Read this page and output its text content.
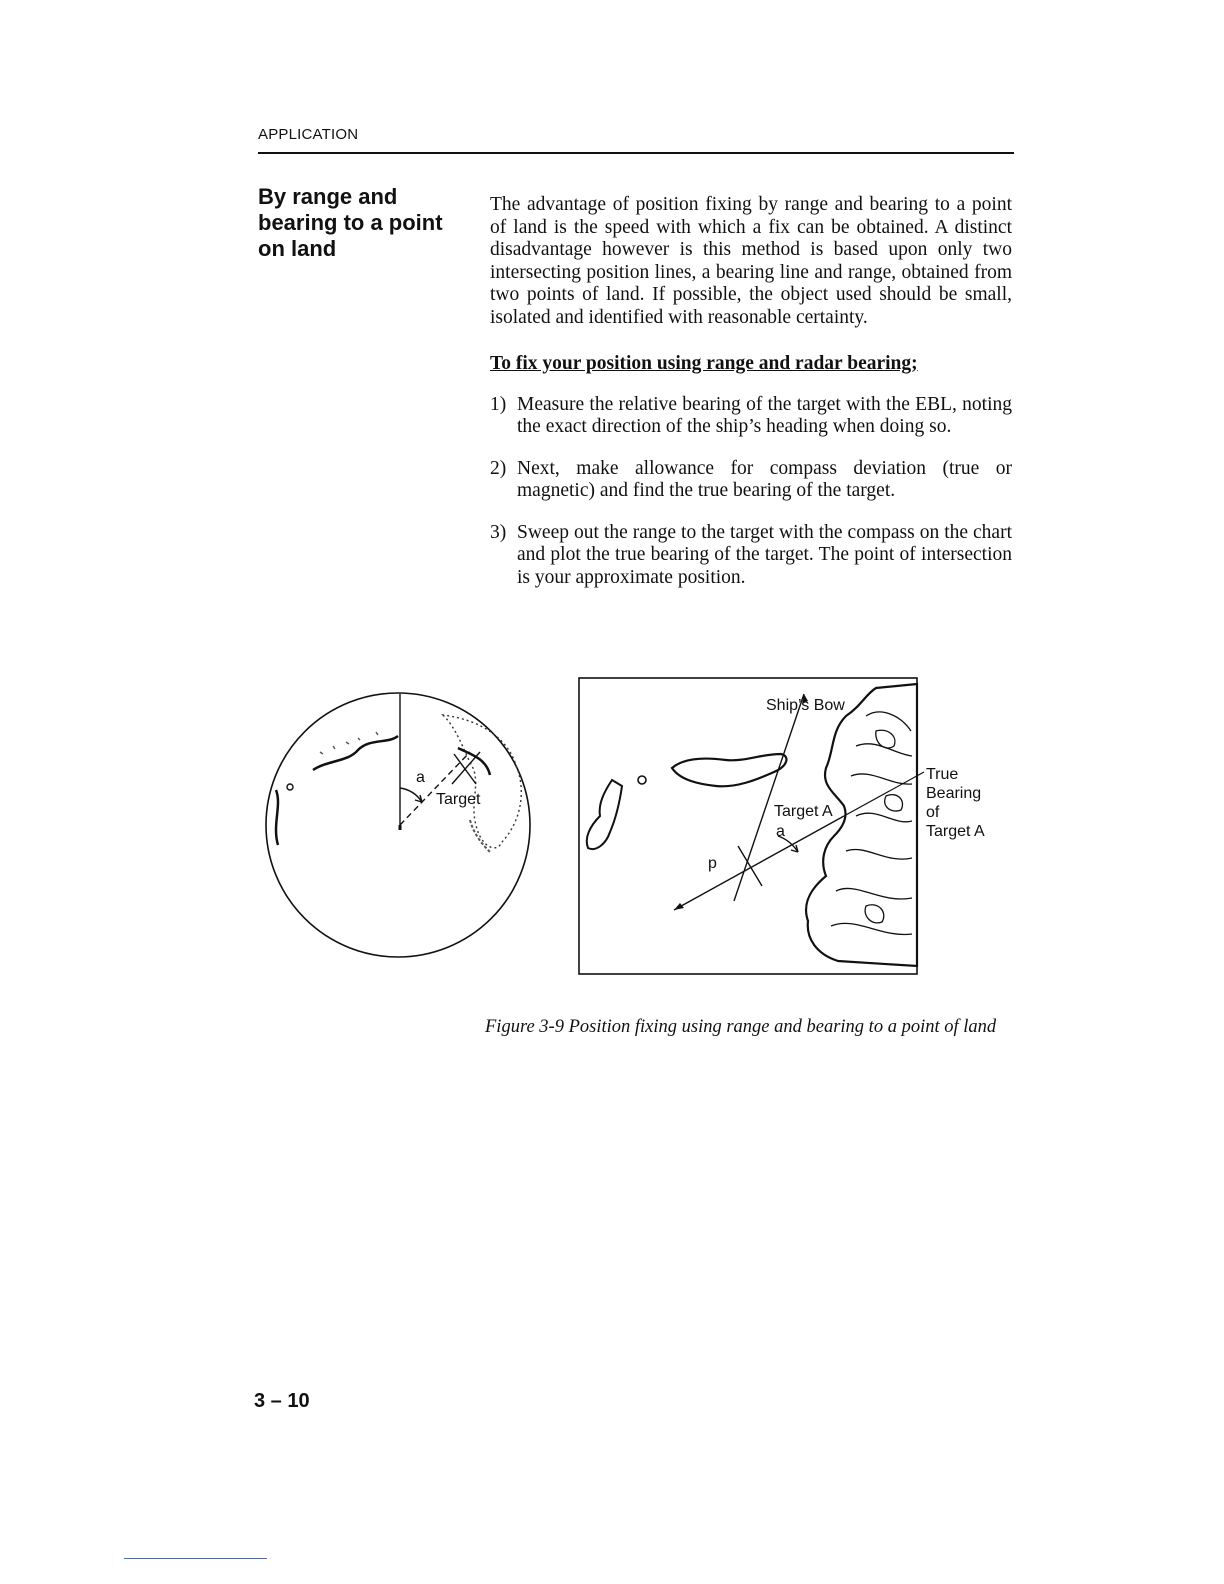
APPLICATION
By range and bearing to a point on land

The advantage of position fixing by range and bearing to a point of land is the speed with which a fix can be obtained. A distinct disadvantage however is this method is based upon only two intersecting position lines, a bearing line and range, obtained from two points of land. If possible, the object used should be small, isolated and identified with reasonable certainty.

To fix your position using range and radar bearing;

1) Measure the relative bearing of the target with the EBL, noting the exact direction of the ship’s heading when doing so.
2) Next, make allowance for compass deviation (true or magnetic) and find the true bearing of the target.
3) Sweep out the range to the target with the compass on the chart and plot the true bearing of the target. The point of intersection is your approximate position.
a
Target
Ship’s Bow
Target A
a
p
True
Bearing
of
Target A

Figure 3-9 Position fixing using range and bearing to a point of land

3 – 10
